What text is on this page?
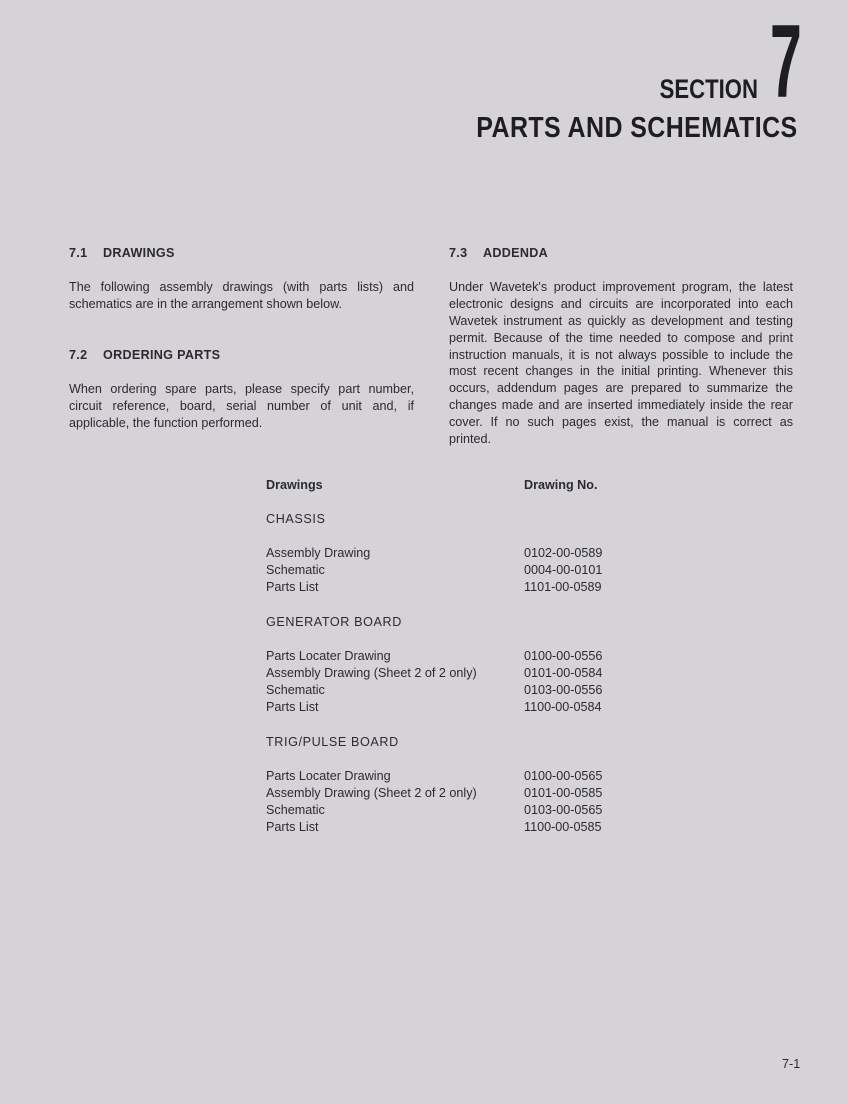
SECTION 7
PARTS AND SCHEMATICS

7.1 DRAWINGS

The following assembly drawings (with parts lists) and schematics are in the arrangement shown below.

7.2 ORDERING PARTS

When ordering spare parts, please specify part number, circuit reference, board, serial number of unit and, if applicable, the function performed.

7.3 ADDENDA

Under Wavetek's product improvement program, the latest electronic designs and circuits are incorporated into each Wavetek instrument as quickly as development and testing permit. Because of the time needed to compose and print instruction manuals, it is not always possible to include the most recent changes in the initial printing. Whenever this occurs, addendum pages are prepared to summarize the changes made and are inserted immediately inside the rear cover. If no such pages exist, the manual is correct as printed.

Drawings	Drawing No.
CHASSIS
Assembly Drawing	0102-00-0589
Schematic	0004-00-0101
Parts List	1101-00-0589
GENERATOR BOARD
Parts Locater Drawing	0100-00-0556
Assembly Drawing (Sheet 2 of 2 only)	0101-00-0584
Schematic	0103-00-0556
Parts List	1100-00-0584
TRIG/PULSE BOARD
Parts Locater Drawing	0100-00-0565
Assembly Drawing (Sheet 2 of 2 only)	0101-00-0585
Schematic	0103-00-0565
Parts List	1100-00-0585
7-1
